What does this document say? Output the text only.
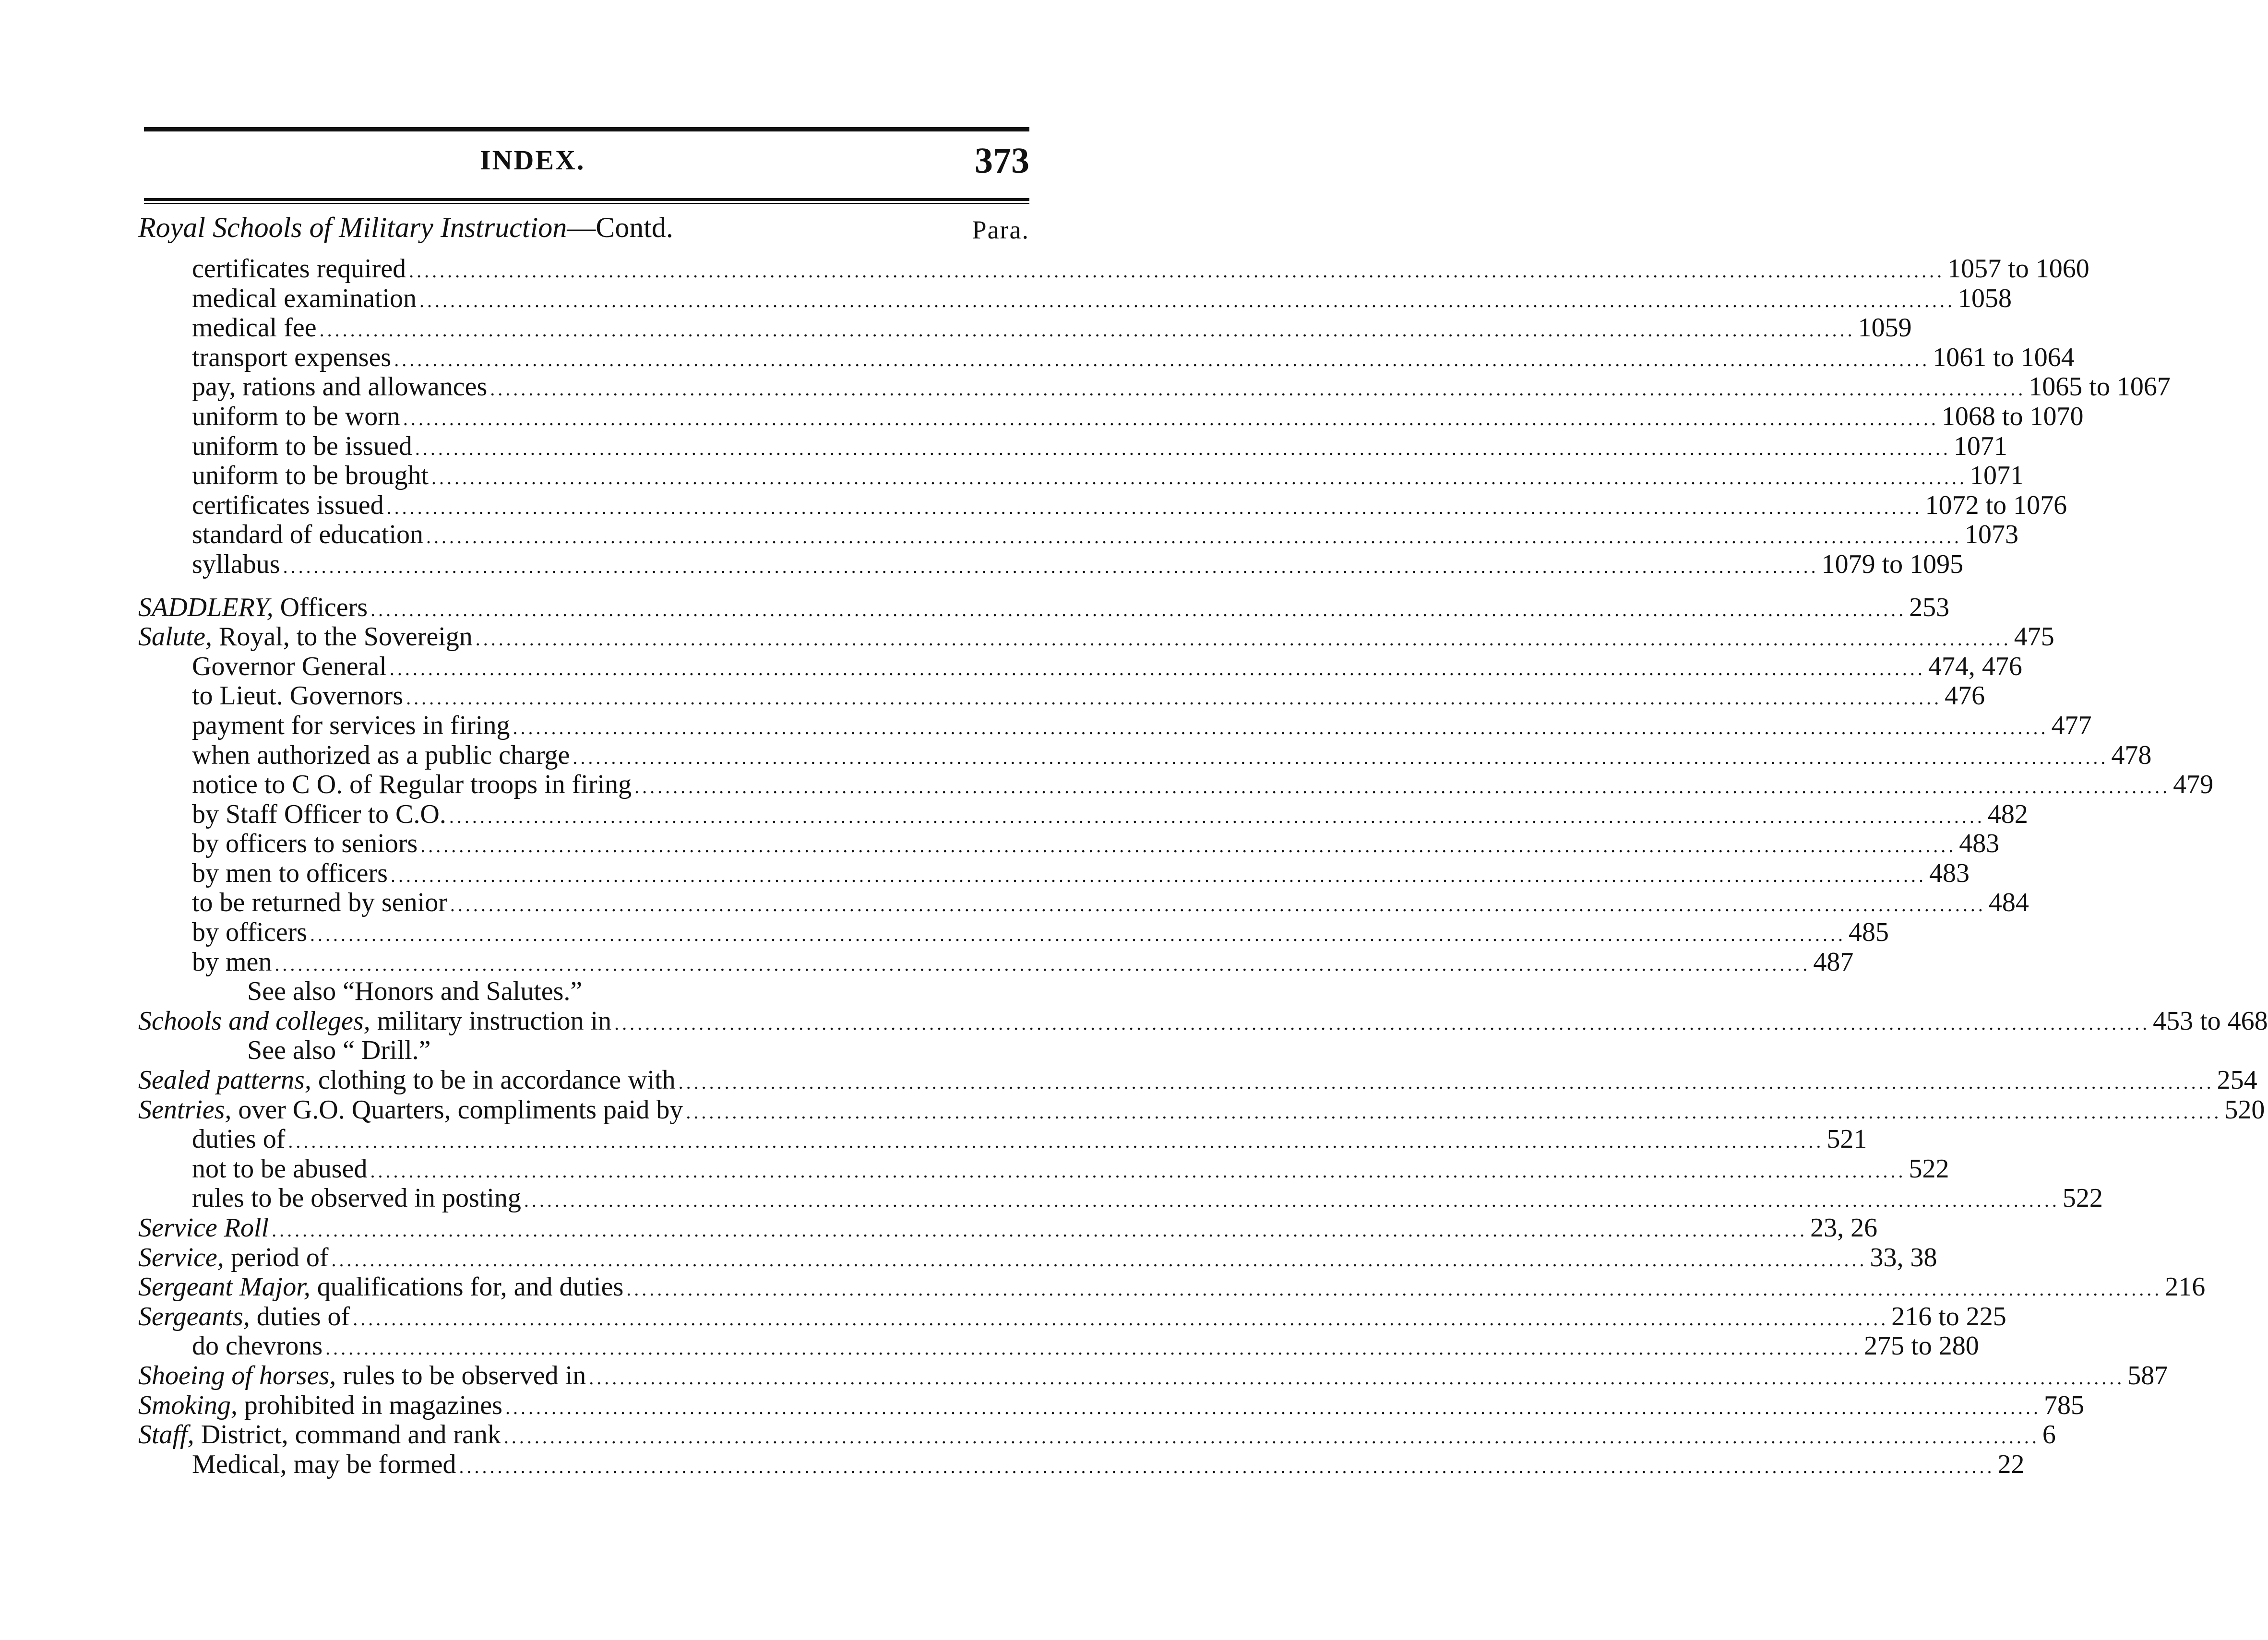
INDEX.	373
Royal Schools of Military Instruction—Contd.	Para.
certificates required ........................................................................................................................................................................................................ 1057 to 1060
medical examination ........................................................................................................................................................................................................ 1058
medical fee ........................................................................................................................................................................................................ 1059
transport expenses ........................................................................................................................................................................................................ 1061 to 1064
pay, rations and allowances ........................................................................................................................................................................................................ 1065 to 1067
uniform to be worn ........................................................................................................................................................................................................ 1068 to 1070
uniform to be issued ........................................................................................................................................................................................................ 1071
uniform to be brought ........................................................................................................................................................................................................ 1071
certificates issued ........................................................................................................................................................................................................ 1072 to 1076
standard of education ........................................................................................................................................................................................................ 1073
syllabus ........................................................................................................................................................................................................ 1079 to 1095
SADDLERY, Officers ........................................................................................................................................................................................................ 253
Salute, Royal, to the Sovereign ........................................................................................................................................................................................................ 475
Governor General ........................................................................................................................................................................................................ 474, 476
to Lieut. Governors ........................................................................................................................................................................................................ 476
payment for services in firing ........................................................................................................................................................................................................ 477
when authorized as a public charge ........................................................................................................................................................................................................ 478
notice to C O. of Regular troops in firing ........................................................................................................................................................................................................ 479
by Staff Officer to C.O. ........................................................................................................................................................................................................ 482
by officers to seniors ........................................................................................................................................................................................................ 483
by men to officers ........................................................................................................................................................................................................ 483
to be returned by senior ........................................................................................................................................................................................................ 484
by officers ........................................................................................................................................................................................................ 485
by men ........................................................................................................................................................................................................ 487
See also “Honors and Salutes.”
Schools and colleges, military instruction in ........................................................................................................................................................................................................ 453 to 468
See also “ Drill.”
Sealed patterns, clothing to be in accordance with ........................................................................................................................................................................................................ 254
Sentries, over G.O. Quarters, compliments paid by ........................................................................................................................................................................................................ 520
duties of ........................................................................................................................................................................................................ 521
not to be abused ........................................................................................................................................................................................................ 522
rules to be observed in posting ........................................................................................................................................................................................................ 522
Service Roll ........................................................................................................................................................................................................ 23, 26
Service, period of ........................................................................................................................................................................................................ 33, 38
Sergeant Major, qualifications for, and duties ........................................................................................................................................................................................................ 216
Sergeants, duties of ........................................................................................................................................................................................................ 216 to 225
do chevrons ........................................................................................................................................................................................................ 275 to 280
Shoeing of horses, rules to be observed in ........................................................................................................................................................................................................ 587
Smoking, prohibited in magazines ........................................................................................................................................................................................................ 785
Staff, District, command and rank ........................................................................................................................................................................................................ 6
Medical, may be formed ........................................................................................................................................................................................................ 22
